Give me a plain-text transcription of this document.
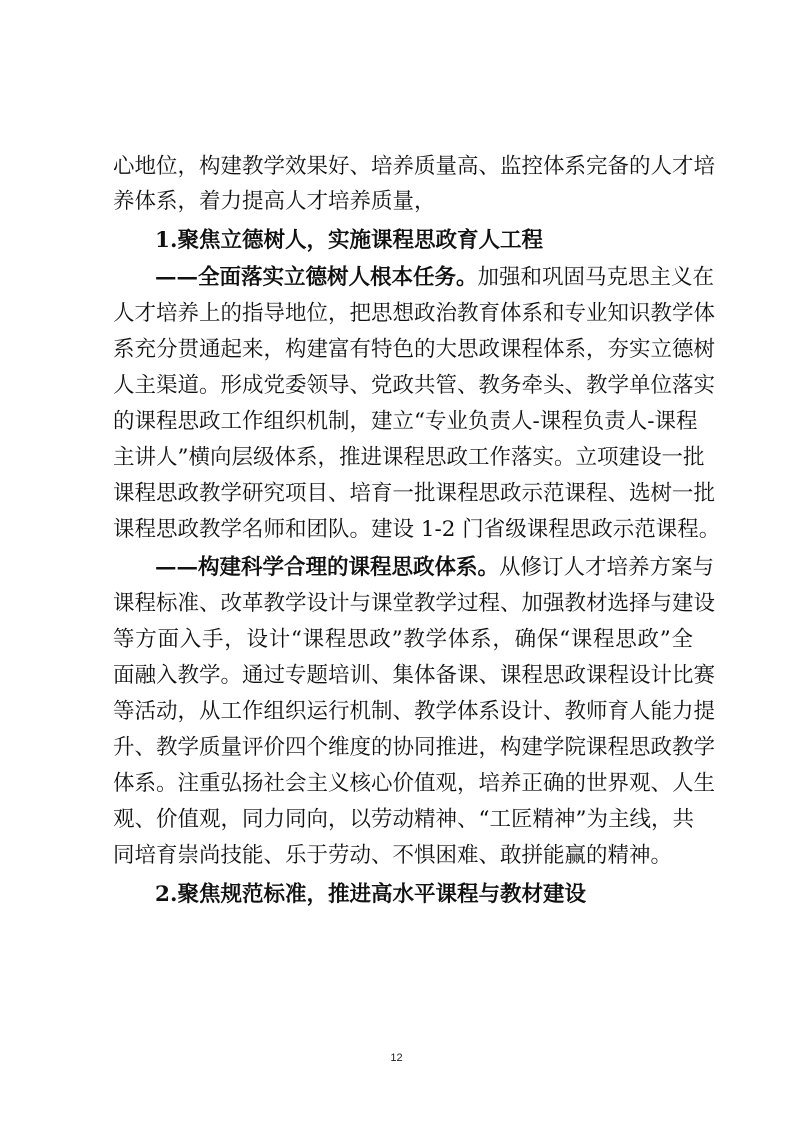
心地位，构建教学效果好、培养质量高、监控体系完备的人才培
养体系，着力提高人才培养质量，
1.聚焦立德树人，实施课程思政育人工程
——全面落实立德树人根本任务。加强和巩固马克思主义在
人才培养上的指导地位，把思想政治教育体系和专业知识教学体
系充分贯通起来，构建富有特色的大思政课程体系，夯实立德树
人主渠道。形成党委领导、党政共管、教务牵头、教学单位落实
的课程思政工作组织机制，建立“专业负责人-课程负责人-课程
主讲人”横向层级体系，推进课程思政工作落实。立项建设一批
课程思政教学研究项目、培育一批课程思政示范课程、选树一批
课程思政教学名师和团队。建设 1-2 门省级课程思政示范课程。
——构建科学合理的课程思政体系。从修订人才培养方案与
课程标准、改革教学设计与课堂教学过程、加强教材选择与建设
等方面入手，设计“课程思政”教学体系，确保“课程思政”全
面融入教学。通过专题培训、集体备课、课程思政课程设计比赛
等活动，从工作组织运行机制、教学体系设计、教师育人能力提
升、教学质量评价四个维度的协同推进，构建学院课程思政教学
体系。注重弘扬社会主义核心价值观，培养正确的世界观、人生
观、价值观，同力同向，以劳动精神、“工匠精神”为主线，共
同培育崇尚技能、乐于劳动、不惧困难、敢拼能赢的精神。
2.聚焦规范标准，推进高水平课程与教材建设
12
